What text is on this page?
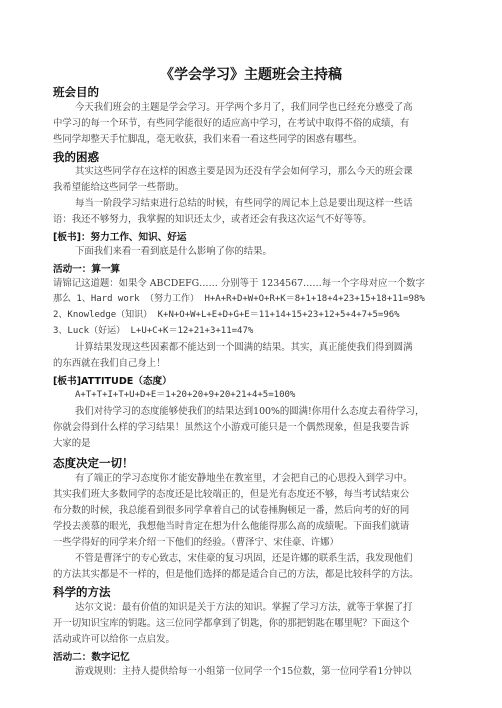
《学会学习》主题班会主持稿
班会目的
今天我们班会的主题是学会学习。开学两个多月了，我们同学也已经充分感受了高
中学习的每一个环节，有些同学能很好的适应高中学习，在考试中取得不俗的成绩，有
些同学却整天手忙脚乱，毫无收获，我们来看一看这些同学的困惑有哪些。
我的困惑
其实这些同学存在这样的困惑主要是因为还没有学会如何学习，那么今天的班会课
我希望能给这些同学一些帮助。
每当一阶段学习结束进行总结的时候，有些同学的周记本上总是要出现这样一些话
语：我还不够努力，我掌握的知识还太少，或者还会有我这次运气不好等等。
[板书]：努力工作、知识、好运
下面我们来看一看到底是什么影响了你的结果。
活动一：算一算
请锦记这道题：如果令 ABCDEFG…… 分别等于 1234567……每一个字母对应一个数字
那么 1、Hard work （努力工作） H+A+R+D+W+O+R+K＝8+1+18+4+23+15+18+11=98%
2、Knowledge（知识） K+N+O+W+L+E+D+G+E＝11+14+15+23+12+5+4+7+5=96%
3、Luck（好运） L+U+C+K＝12+21+3+11=47%
计算结果发现这些因素都不能达到一个圆满的结果。其实，真正能使我们得到圆满
的东西就在我们自己身上！
[板书]ATTITUDE（态度）
A+T+T+I+T+U+D+E＝1+20+20+9+20+21+4+5=100%
我们对待学习的态度能够使我们的结果达到100%的圆满!你用什么态度去看待学习，
你就会得到什么样的学习结果！虽然这个小游戏可能只是一个偶然现象，但是我要告诉
大家的是
态度决定一切！
有了端正的学习态度你才能安静地坐在教室里，才会把自己的心思投入到学习中。
其实我们班大多数同学的态度还是比较端正的，但是光有态度还不够，每当考试结束公
布分数的时候，我总能看到很多同学拿着自己的试卷捶胸顿足一番，然后向考的好的同
学投去羡慕的眼光，我想他当时肯定在想为什么他能得那么高的成绩呢。下面我们就请
一些学得好的同学来介绍一下他们的经验。（曹泽宁、宋佳豪、许娜）
不管是曹泽宁的专心致志，宋佳豪的复习巩固，还是许娜的联系生活，我发现他们
的方法其实都是不一样的，但是他们选择的都是适合自己的方法，都是比较科学的方法。
科学的方法
达尔文说：最有价值的知识是关于方法的知识。掌握了学习方法，就等于掌握了打
开一切知识宝库的钥匙。这三位同学都拿到了钥匙，你的那把钥匙在哪里呢？下面这个
活动或许可以给你一点启发。
活动二：数字记忆
游戏规则：主持人提供给每一小组第一位同学一个15位数，第一位同学看1分钟以
